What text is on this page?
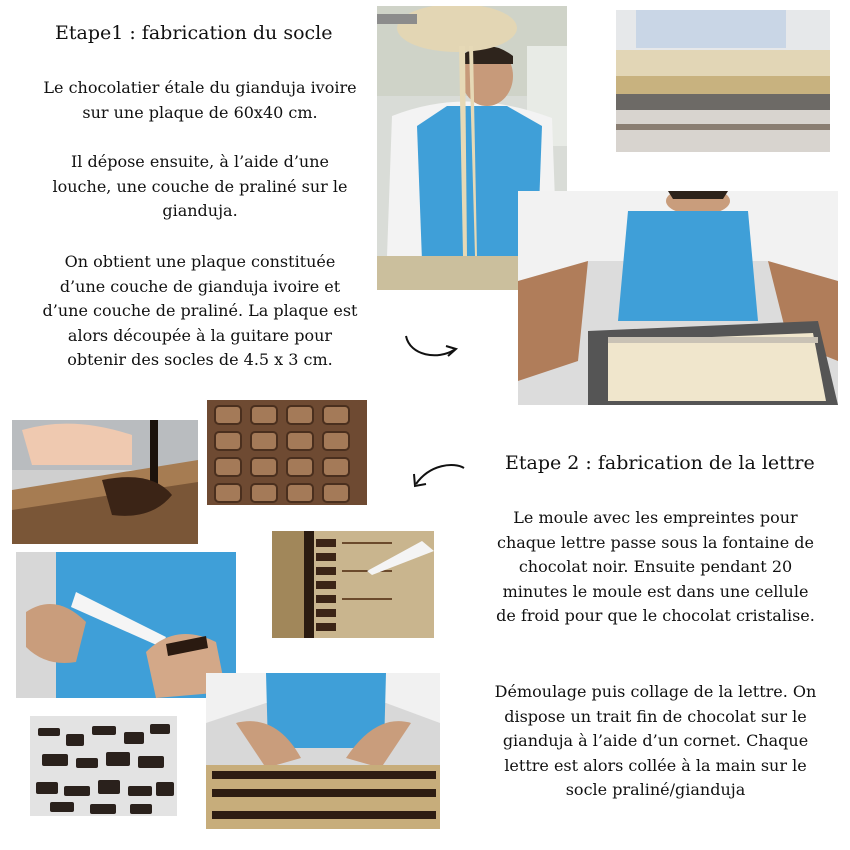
Etape1 : fabrication du socle
Le chocolatier étale du gianduja ivoire sur une plaque de 60x40 cm.
Il dépose ensuite, à l’aide d’une louche, une couche de praliné sur le gianduja.
On obtient une plaque constituée d’une couche de gianduja ivoire et d’une couche de praliné. La plaque est alors découpée à la guitare pour obtenir des socles de 4.5 x 3 cm.
Etape 2 : fabrication de la lettre
Le moule avec les empreintes pour chaque lettre passe sous la fontaine de chocolat noir. Ensuite pendant 20 minutes le moule est dans une cellule de froid pour que le chocolat cristalise.
Démoulage puis collage de la lettre. On dispose un trait fin de chocolat sur le gianduja à l’aide d’un cornet. Chaque lettre est alors collée à la main sur le socle praliné/gianduja
